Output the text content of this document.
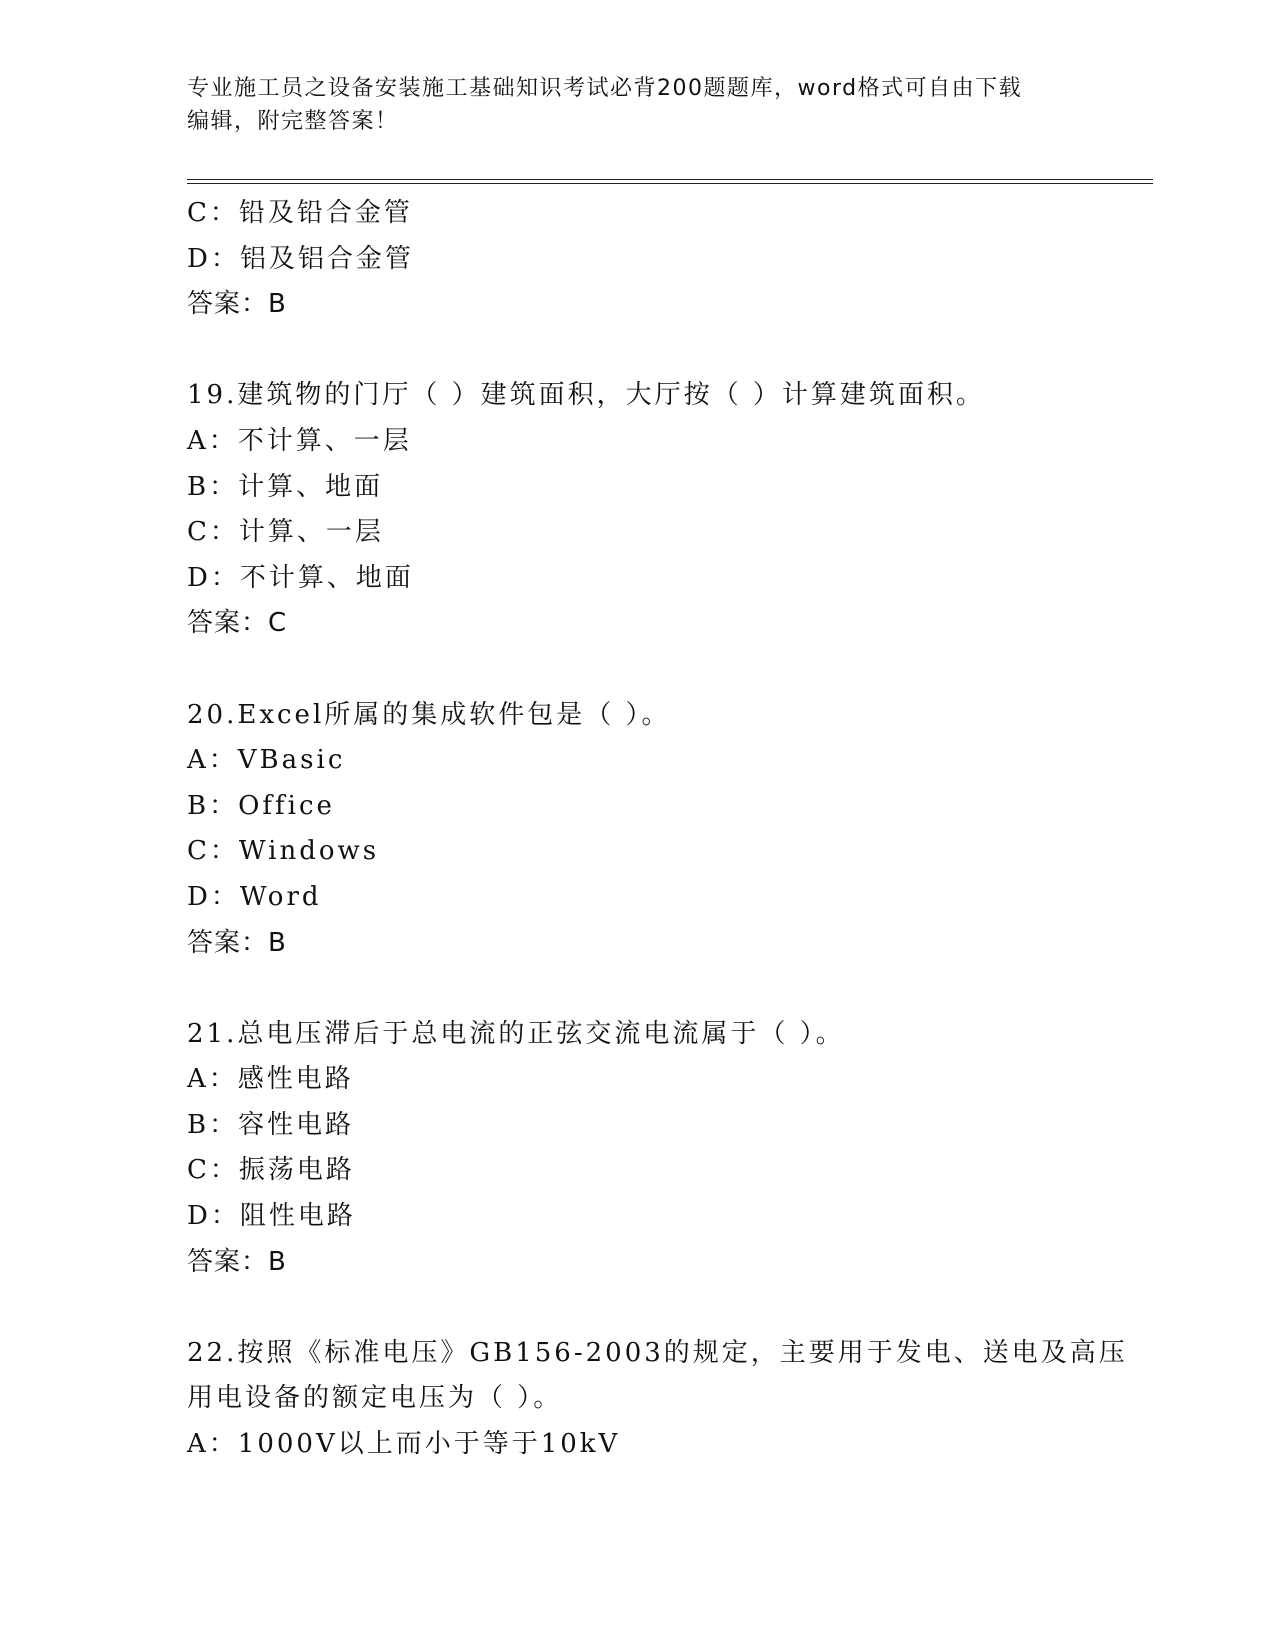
专业施工员之设备安装施工基础知识考试必背200题题库，word格式可自由下载
编辑，附完整答案！
C：铅及铅合金管
D：铝及铝合金管
答案：B
19.建筑物的门厅（ ）建筑面积，大厅按（ ）计算建筑面积。
A：不计算、一层
B：计算、地面
C：计算、一层
D：不计算、地面
答案：C
20.Excel所属的集成软件包是（ ）。
A：VBasic
B：Office
C：Windows
D：Word
答案：B
21.总电压滞后于总电流的正弦交流电流属于（ ）。
A：感性电路
B：容性电路
C：振荡电路
D：阻性电路
答案：B
22.按照《标准电压》GB156-2003的规定，主要用于发电、送电及高压
用电设备的额定电压为（ ）。
A：1000V以上而小于等于10kV
